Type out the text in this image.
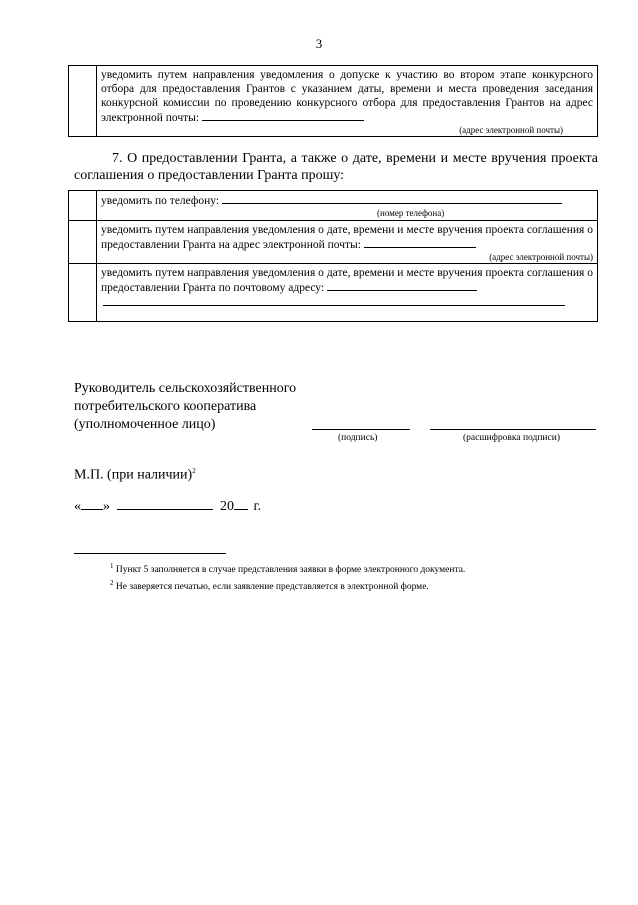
3

уведомить путем направления уведомления о допуске к участию во втором этапе конкурсного отбора для предоставления Грантов с указанием даты, времени и места проведения заседания конкурсной комиссии по проведению конкурсного отбора для предоставления Грантов на адрес электронной почты:
(адрес электронной почты)
7. О предоставлении Гранта, а также о дате, времени и месте вручения проекта соглашения о предоставлении Гранта прошу:

	уведомить по телефону:
(номер телефона)

	уведомить путем направления уведомления о дате, времени и месте вручения проекта соглашения о предоставлении Гранта на адрес электронной почты:
(адрес электронной почты)

	уведомить путем направления уведомления о дате, времени и месте вручения проекта соглашения о предоставлении Гранта по почтовому адресу:
Руководитель сельскохозяйственного
потребительского кооператива
(уполномоченное лицо)
(подпись)	(расшифровка подписи)
М.П. (при наличии)$^2$
« »	20 г.
$^1$ Пункт 5 заполняется в случае представления заявки в форме электронного документа.
$^2$ Не заверяется печатью, если заявление представляется в электронной форме.
